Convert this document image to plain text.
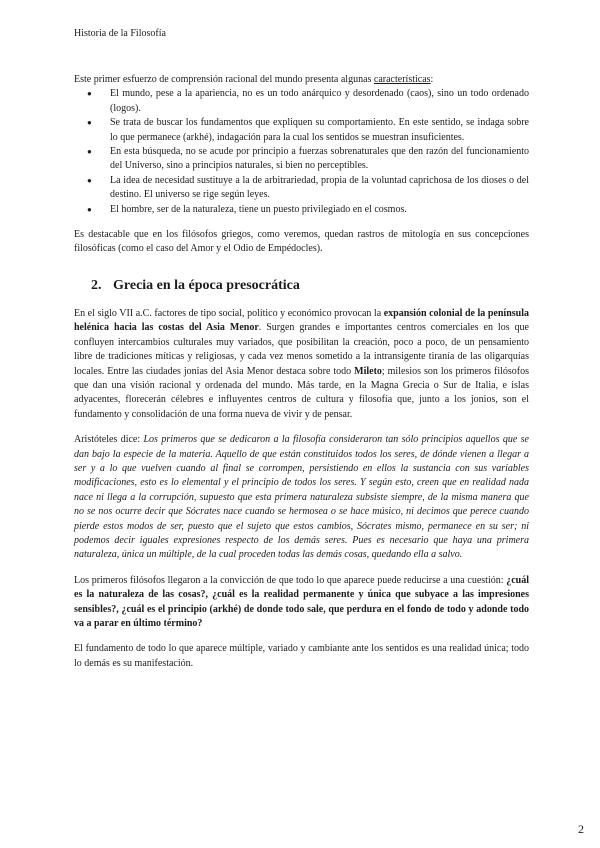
Historia de la Filosofía

Este primer esfuerzo de comprensión racional del mundo presenta algunas características:

● El mundo, pese a la apariencia, no es un todo anárquico y desordenado (caos), sino un todo ordenado (logos).
● Se trata de buscar los fundamentos que expliquen su comportamiento. En este sentido, se indaga sobre lo que permanece (arkhé), indagación para la cual los sentidos se muestran insuficientes.
● En esta búsqueda, no se acude por principio a fuerzas sobrenaturales que den razón del funcionamiento del Universo, sino a principios naturales, si bien no perceptibles.
● La idea de necesidad sustituye a la de arbitrariedad, propia de la voluntad caprichosa de los dioses o del destino. El universo se rige según leyes.
● El hombre, ser de la naturaleza, tiene un puesto privilegiado en el cosmos.

Es destacable que en los filósofos griegos, como veremos, quedan rastros de mitología en sus concepciones filosóficas (como el caso del Amor y el Odio de Empédocles).

2. Grecia en la época presocrática

En el siglo VII a.C. factores de tipo social, político y económico provocan la expansión colonial de la península helénica hacia las costas del Asia Menor. Surgen grandes e importantes centros comerciales en los que confluyen intercambios culturales muy variados, que posibilitan la creación, poco a poco, de un pensamiento libre de tradiciones míticas y religiosas, y cada vez menos sometido a la intransigente tiranía de las oligarquías locales. Entre las ciudades jonias del Asia Menor destaca sobre todo Mileto; milesios son los primeros filósofos que dan una visión racional y ordenada del mundo. Más tarde, en la Magna Grecia o Sur de Italia, e islas adyacentes, florecerán célebres e influyentes centros de cultura y filosofía que, junto a los jonios, son el fundamento y consolidación de una forma nueva de vivir y de pensar.

Aristóteles dice: Los primeros que se dedicaron a la filosofía consideraron tan sólo principios aquellos que se dan bajo la especie de la materia. Aquello de que están constituidos todos los seres, de dónde vienen a llegar a ser y a lo que vuelven cuando al final se corrompen, persistiendo en ellos la sustancia con sus variables modificaciones, esto es lo elemental y el principio de todos los seres. Y según esto, creen que en realidad nada nace ni llega a la corrupción, supuesto que esta primera naturaleza subsiste siempre, de la misma manera que no se nos ocurre decir que Sócrates nace cuando se hermosea o se hace músico, ni decimos que perece cuando pierde estos modos de ser, puesto que el sujeto que estos cambios, Sócrates mismo, permanece en su ser; ni podemos decir iguales expresiones respecto de los demás seres. Pues es necesario que haya una primera naturaleza, única un múltiple, de la cual proceden todas las demás cosas, quedando ella a salvo.

Los primeros filósofos llegaron a la convicción de que todo lo que aparece puede reducirse a una cuestión: ¿cuál es la naturaleza de las cosas?, ¿cuál es la realidad permanente y única que subyace a las impresiones sensibles?, ¿cuál es el principio (arkhé) de donde todo sale, que perdura en el fondo de todo y adonde todo va a parar en último término?

El fundamento de todo lo que aparece múltiple, variado y cambiante ante los sentidos es una realidad única; todo lo demás es su manifestación.

2
